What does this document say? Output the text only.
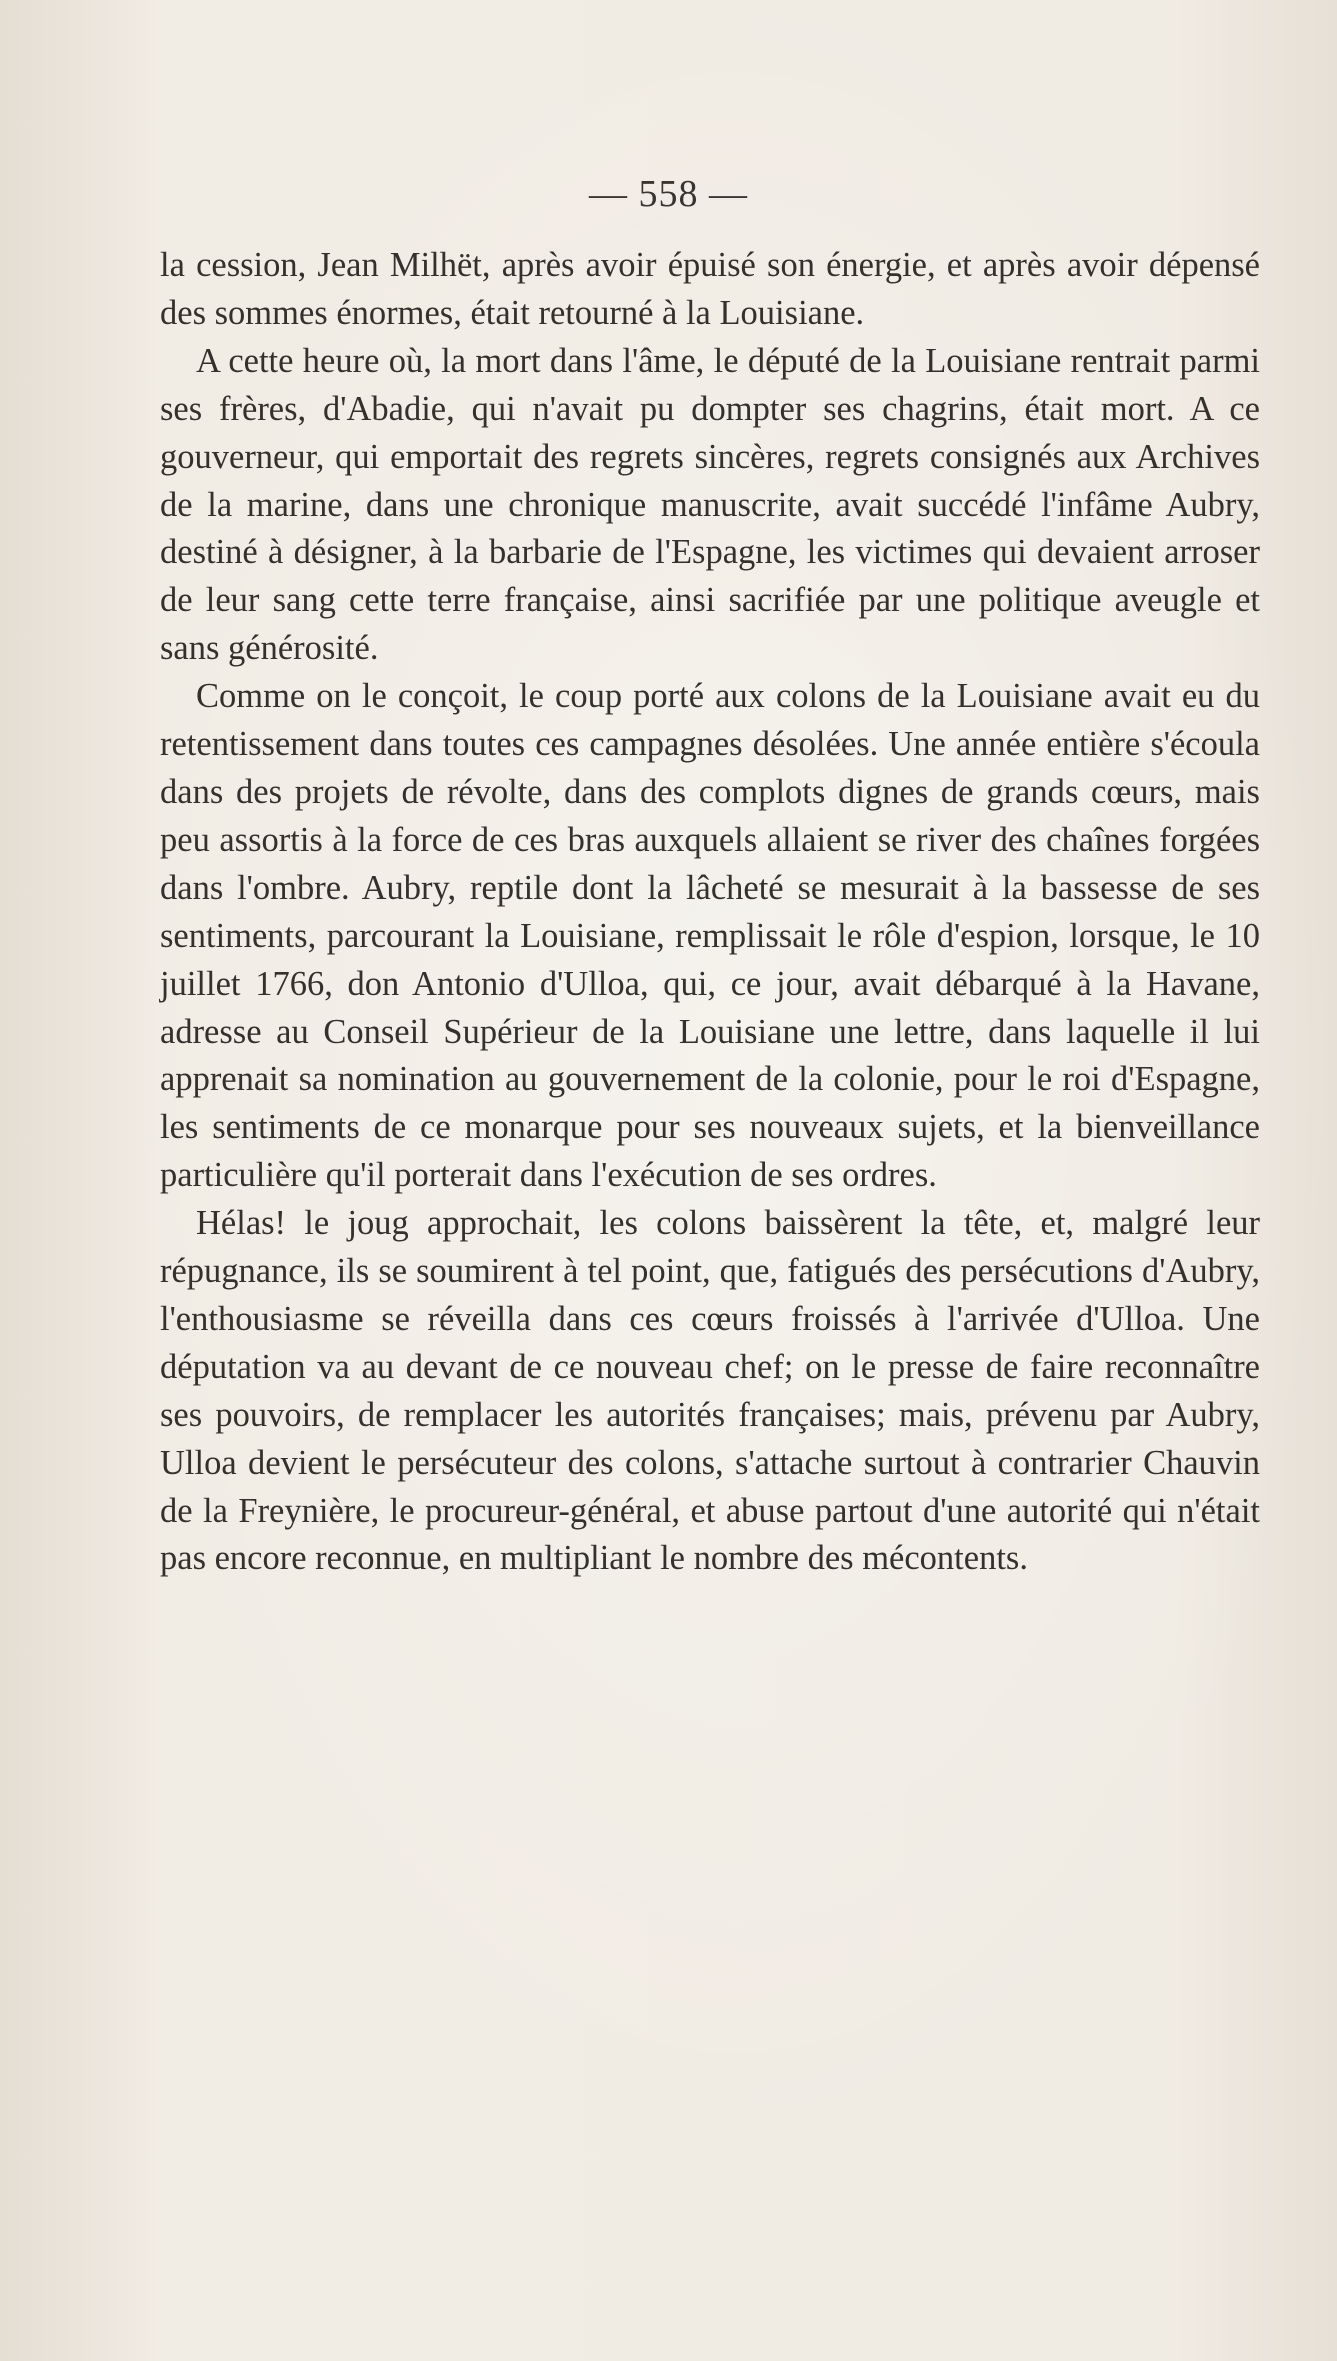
— 558 —

la cession, Jean Milhët, après avoir épuisé son énergie, et après avoir dépensé des sommes énormes, était retourné à la Louisiane.

A cette heure où, la mort dans l'âme, le député de la Louisiane rentrait parmi ses frères, d'Abadie, qui n'avait pu dompter ses chagrins, était mort. A ce gouverneur, qui emportait des regrets sincères, regrets consignés aux Archives de la marine, dans une chronique manuscrite, avait succédé l'infâme Aubry, destiné à désigner, à la barbarie de l'Espagne, les victimes qui devaient arroser de leur sang cette terre française, ainsi sacrifiée par une politique aveugle et sans générosité.

Comme on le conçoit, le coup porté aux colons de la Louisiane avait eu du retentissement dans toutes ces campagnes désolées. Une année entière s'écoula dans des projets de révolte, dans des complots dignes de grands cœurs, mais peu assortis à la force de ces bras auxquels allaient se river des chaînes forgées dans l'ombre. Aubry, reptile dont la lâcheté se mesurait à la bassesse de ses sentiments, parcourant la Louisiane, remplissait le rôle d'espion, lorsque, le 10 juillet 1766, don Antonio d'Ulloa, qui, ce jour, avait débarqué à la Havane, adresse au Conseil Supérieur de la Louisiane une lettre, dans laquelle il lui apprenait sa nomination au gouvernement de la colonie, pour le roi d'Espagne, les sentiments de ce monarque pour ses nouveaux sujets, et la bienveillance particulière qu'il porterait dans l'exécution de ses ordres.

Hélas! le joug approchait, les colons baissèrent la tête, et, malgré leur répugnance, ils se soumirent à tel point, que, fatigués des persécutions d'Aubry, l'enthousiasme se réveilla dans ces cœurs froissés à l'arrivée d'Ulloa. Une députation va au devant de ce nouveau chef; on le presse de faire reconnaître ses pouvoirs, de remplacer les autorités françaises; mais, prévenu par Aubry, Ulloa devient le persécuteur des colons, s'attache surtout à contrarier Chauvin de la Freynière, le procureur-général, et abuse partout d'une autorité qui n'était pas encore reconnue, en multipliant le nombre des mécontents.
